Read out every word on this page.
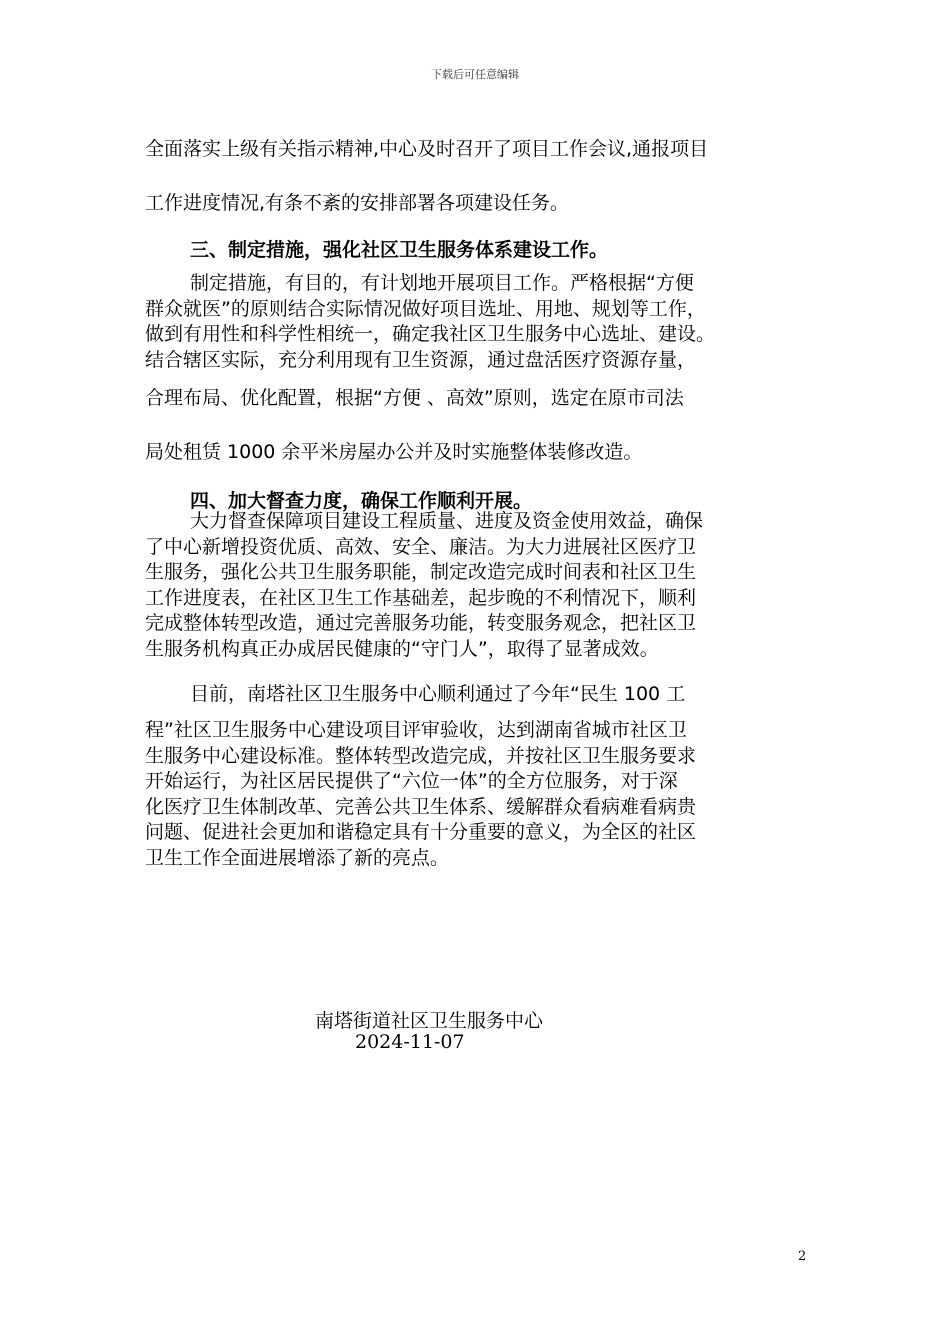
下载后可任意编辑
全面落实上级有关指示精神,中心及时召开了项目工作会议,通报项目
工作进度情况,有条不紊的安排部署各项建设任务。
三、制定措施，强化社区卫生服务体系建设工作。
制定措施，有目的，有计划地开展项目工作。严格根据“方便
群众就医”的原则结合实际情况做好项目选址、用地、规划等工作，
做到有用性和科学性相统一，确定我社区卫生服务中心选址、建设。
结合辖区实际，充分利用现有卫生资源，通过盘活医疗资源存量，
合理布局、优化配置，根据“方便 、高效”原则，选定在原市司法
局处租赁 1000 余平米房屋办公并及时实施整体装修改造。
四、加大督查力度，确保工作顺利开展。
大力督查保障项目建设工程质量、进度及资金使用效益，确保
了中心新增投资优质、高效、安全、廉洁。为大力进展社区医疗卫
生服务，强化公共卫生服务职能，制定改造完成时间表和社区卫生
工作进度表，在社区卫生工作基础差，起步晚的不利情况下，顺利
完成整体转型改造，通过完善服务功能，转变服务观念，把社区卫
生服务机构真正办成居民健康的“守门人”，取得了显著成效。
目前，南塔社区卫生服务中心顺利通过了今年“民生 100 工
程”社区卫生服务中心建设项目评审验收，达到湖南省城市社区卫
生服务中心建设标准。整体转型改造完成，并按社区卫生服务要求
开始运行，为社区居民提供了“六位一体”的全方位服务，对于深
化医疗卫生体制改革、完善公共卫生体系、缓解群众看病难看病贵
问题、促进社会更加和谐稳定具有十分重要的意义，为全区的社区
卫生工作全面进展增添了新的亮点。
南塔街道社区卫生服务中心
2024-11-07
2
